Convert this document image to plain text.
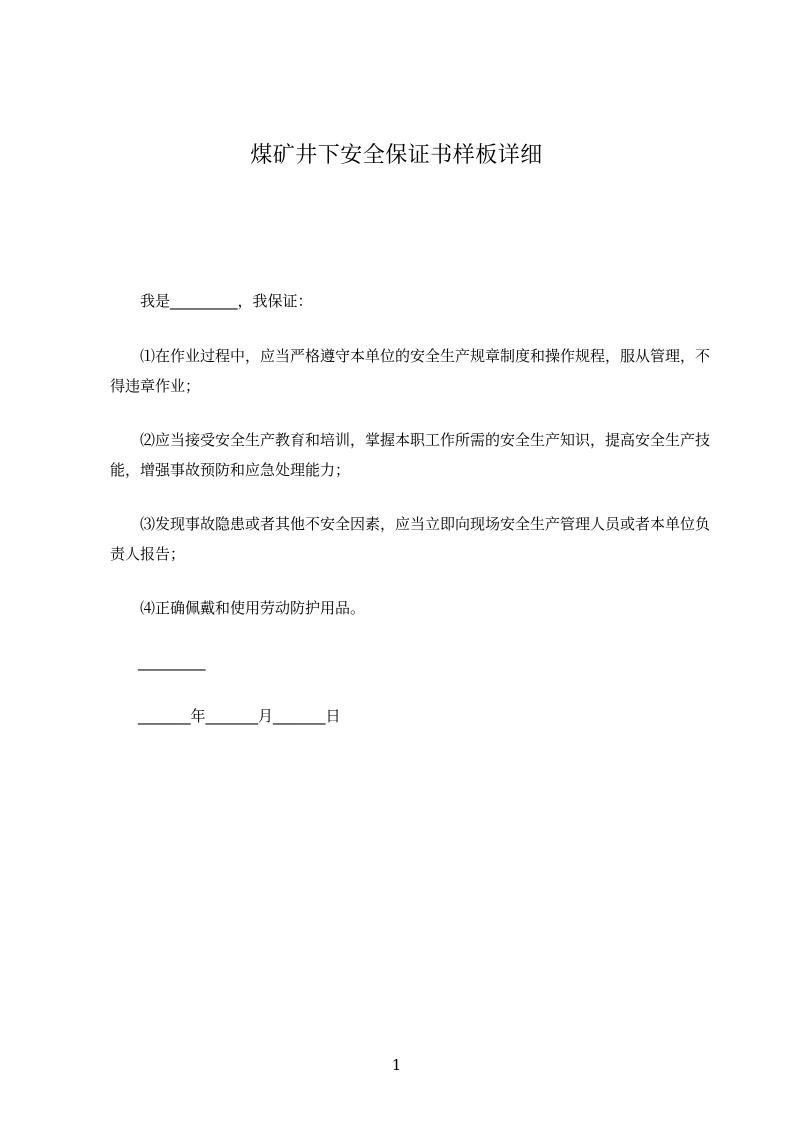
煤矿井下安全保证书样板详细

我是_________，我保证：

⑴在作业过程中，应当严格遵守本单位的安全生产规章制度和操作规程，服从管理，不得违章作业；

⑵应当接受安全生产教育和培训，掌握本职工作所需的安全生产知识，提高安全生产技能，增强事故预防和应急处理能力；

⑶发现事故隐患或者其他不安全因素，应当立即向现场安全生产管理人员或者本单位负责人报告；

⑷正确佩戴和使用劳动防护用品。

_________

_______年_______月_______日

1
